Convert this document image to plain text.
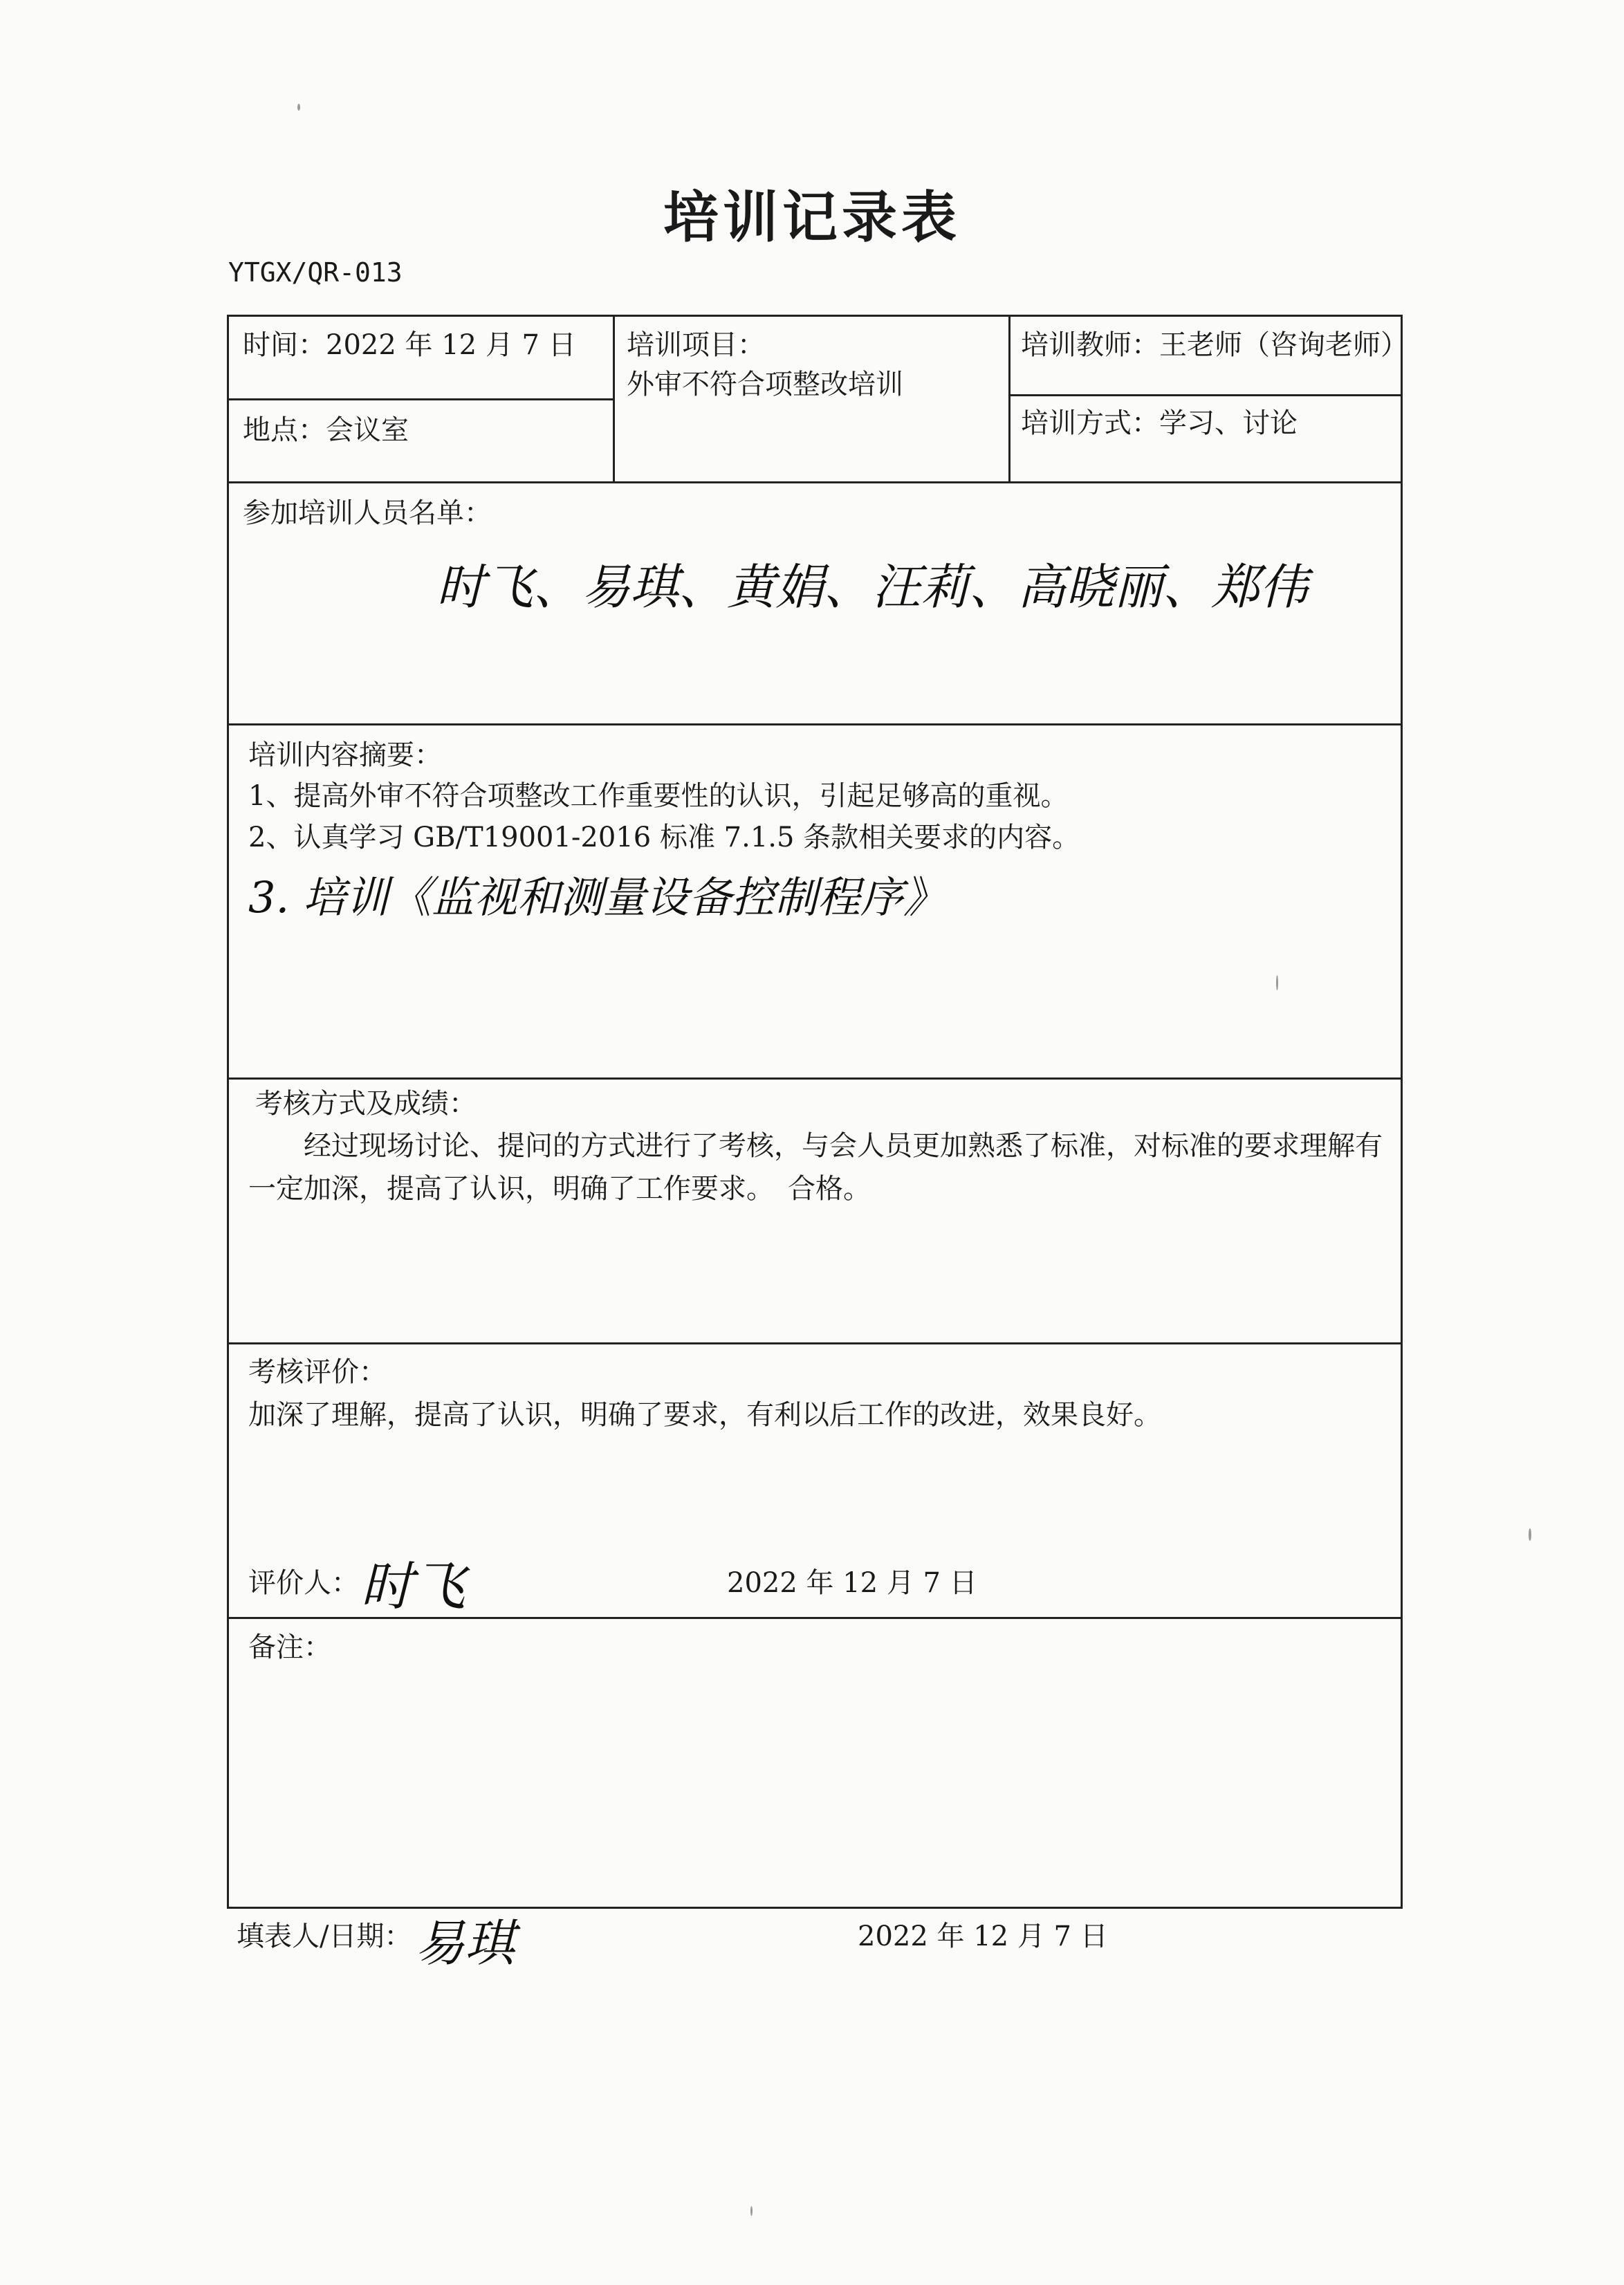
培训记录表
YTGX/QR-013
时间：2022 年 12 月 7 日
地点：会议室
培训项目：
外审不符合项整改培训
培训教师：王老师（咨询老师）
培训方式：学习、讨论
参加培训人员名单：
时飞、易琪、黄娟、汪莉、高晓丽、郑伟
培训内容摘要：
1、提高外审不符合项整改工作重要性的认识，引起足够高的重视。
2、认真学习 GB/T19001-2016 标准 7.1.5 条款相关要求的内容。
3. 培训《监视和测量设备控制程序》
考核方式及成绩：
经过现场讨论、提问的方式进行了考核，与会人员更加熟悉了标准，对标准的要求理解有一定加深，提高了认识，明确了工作要求。　合格。
考核评价：
加深了理解，提高了认识，明确了要求，有利以后工作的改进，效果良好。
评价人： 时飞	2022 年 12 月 7 日
备注：
填表人/日期： 易琪	2022 年 12 月 7 日
